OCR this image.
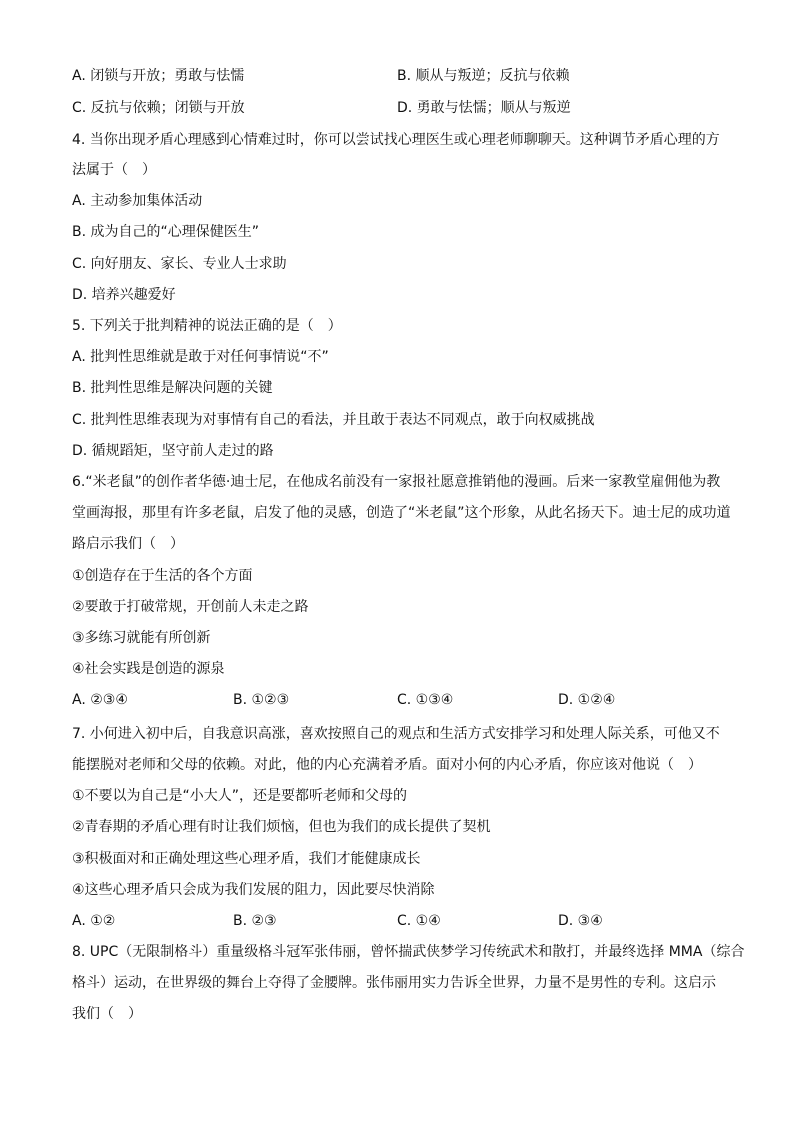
A. 闭锁与开放；勇敢与怯懦	B. 顺从与叛逆；反抗与依赖
C. 反抗与依赖；闭锁与开放	D. 勇敢与怯懦；顺从与叛逆
4. 当你出现矛盾心理感到心情难过时，你可以尝试找心理医生或心理老师聊聊天。这种调节矛盾心理的方
法属于（　）
A. 主动参加集体活动
B. 成为自己的“心理保健医生”
C. 向好朋友、家长、专业人士求助
D. 培养兴趣爱好
5. 下列关于批判精神的说法正确的是（　）
A. 批判性思维就是敢于对任何事情说“不”
B. 批判性思维是解决问题的关键
C. 批判性思维表现为对事情有自己的看法，并且敢于表达不同观点，敢于向权威挑战
D. 循规蹈矩，坚守前人走过的路
6.“米老鼠”的创作者华德·迪士尼，在他成名前没有一家报社愿意推销他的漫画。后来一家教堂雇佣他为教
堂画海报，那里有许多老鼠，启发了他的灵感，创造了“米老鼠”这个形象，从此名扬天下。迪士尼的成功道
路启示我们（　）
①创造存在于生活的各个方面
②要敢于打破常规，开创前人未走之路
③多练习就能有所创新
④社会实践是创造的源泉
A. ②③④	B. ①②③	C. ①③④	D. ①②④
7. 小何进入初中后，自我意识高涨，喜欢按照自己的观点和生活方式安排学习和处理人际关系，可他又不
能摆脱对老师和父母的依赖。对此，他的内心充满着矛盾。面对小何的内心矛盾，你应该对他说（　）
①不要以为自己是“小大人”，还是要都听老师和父母的
②青春期的矛盾心理有时让我们烦恼，但也为我们的成长提供了契机
③积极面对和正确处理这些心理矛盾，我们才能健康成长
④这些心理矛盾只会成为我们发展的阻力，因此要尽快消除
A. ①②	B. ②③	C. ①④	D. ③④
8. UPC（无限制格斗）重量级格斗冠军张伟丽，曾怀揣武侠梦学习传统武术和散打，并最终选择 MMA（综合
格斗）运动，在世界级的舞台上夺得了金腰牌。张伟丽用实力告诉全世界，力量不是男性的专利。这启示
我们（　）
